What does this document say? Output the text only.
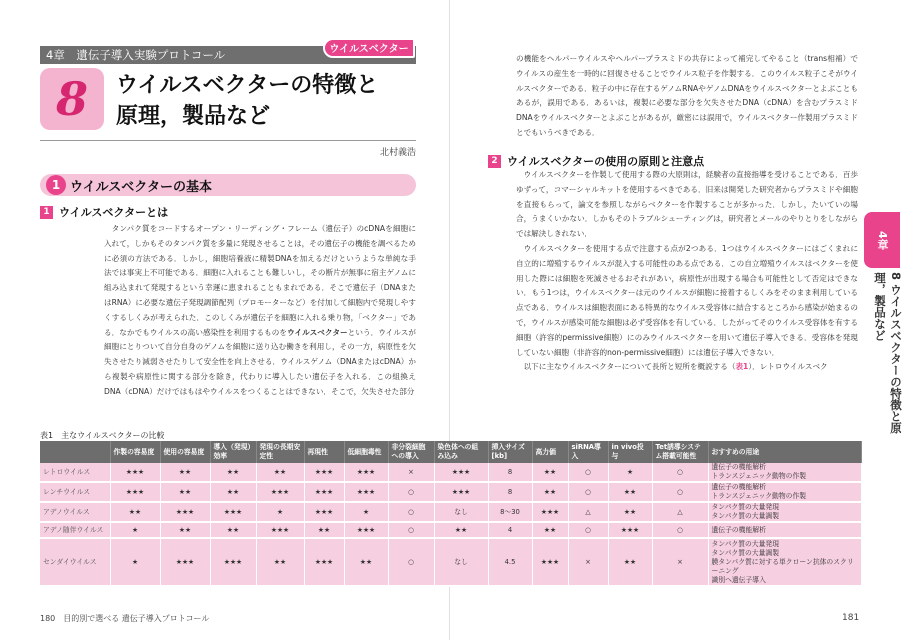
4章　遺伝子導入実験プロトコール	ウイルスベクター
8 ウイルスベクターの特徴と
原理，製品など
北村義浩
1 ウイルスベクターの基本
1 ウイルスベクターとは

タンパク質をコードするオープン・リーディング・フレーム（遺伝子）のcDNAを細胞に入れて，しかもそのタンパク質を多量に発現させることは，その遺伝子の機能を調べるために必須の方法である．しかし，細胞培養液に精製DNAを加えるだけというような単純な手法では事実上不可能である．細胞に入れることも難しいし，その断片が無事に宿主ゲノムに組み込まれて発現するという幸運に恵まれることもまれである．そこで遺伝子（DNAまたはRNA）に必要な遺伝子発現調節配列（プロモーターなど）を付加して細胞内で発現しやすくするしくみが考えられた．このしくみが遺伝子を細胞に入れる乗り物，「ベクター」である．なかでもウイルスの高い感染性を利用するものをウイルスベクターという．ウイルスが細胞にとりついて自分自身のゲノムを細胞に送り込む働きを利用し，その一方，病原性を欠失させたり減弱させたりして安全性を向上させる．ウイルスゲノム（DNAまたはcDNA）から複製や病原性に関する部分を除き，代わりに導入したい遺伝子を入れる．この組換えDNA（cDNA）だけではもはやウイルスをつくることはできない．そこで，欠失させた部分

の機能をヘルパーウイルスやヘルパープラスミドの共存によって補完してやること（trans相補）でウイルスの産生を一時的に回復させることでウイルス粒子を作製する．このウイルス粒子こそがウイルスベクターである．粒子の中に存在するゲノムRNAやゲノムDNAをウイルスベクターとよぶこともあるが，誤用である．あるいは，複製に必要な部分を欠失させたDNA（cDNA）を含むプラスミドDNAをウイルスベクターとよぶことがあるが，厳密には誤用で，ウイルスベクター作製用プラスミドとでもいうべきである．

2 ウイルスベクターの使用の原則と注意点

ウイルスベクターを作製して使用する際の大原則は，経験者の直接指導を受けることである．百歩ゆずって，コマーシャルキットを使用するべきである．旧来は開発した研究者からプラスミドや細胞を直接もらって，論文を参照しながらベクターを作製することが多かった．しかし，たいていの場合，うまくいかない．しかもそのトラブルシューティングは，研究者とメールのやりとりをしながらでは解決しきれない．

ウイルスベクターを使用する点で注意する点が2つある．1つはウイルスベクターにはごくまれに自立的に増殖するウイルスが混入する可能性のある点である．この自立増殖ウイルスはベクターを使用した際には細胞を死滅させるおそれがあい，病原性が出現する場合も可能性として否定はできない．もう1つは，ウイルスベクターは元のウイルスが細胞に接着するしくみをそのまま利用している点である．ウイルスは細胞表面にある特異的なウイルス受容体に結合するところから感染が始まるので，ウイルスが感染可能な細胞は必ず受容体を有している．したがってそのウイルス受容体を有する細胞（許容的permissive細胞）にのみウイルスベクターを用いて遺伝子導入できる．受容体を発現していない細胞（非許容的non-permissive細胞）には遺伝子導入できない．

以下に主なウイルスベクターについて長所と短所を概説する（表1）．レトロウイルスベク

4章
8 ウイルスベクターの特徴と原理，製品など
表1　主なウイルスベクターの比較
	作製の容易度	使用の容易度	導入（発現）効率	発現の長期安定性	再現性	低細胞毒性	非分裂細胞への導入	染色体への組み込み	挿入サイズ[kb]	高力価	siRNA導入	in vivo投与	Tet誘導システム搭載可能性	おすすめの用途
レトロウイルス	★★★	★★	★★	★★	★★★	★★★	×	★★★	8	★★	○	★	○	遺伝子の機能解析
トランスジェニック動物の作製
レンチウイルス	★★★	★★	★★	★★★	★★★	★★★	○	★★★	8	★★	○	★★	○	遺伝子の機能解析
トランスジェニック動物の作製
アデノウイルス	★★	★★★	★★★	★	★★★	★	○	なし	8～30	★★★	△	★★	△	タンパク質の大量発現
タンパク質の大量調製
アデノ随伴ウイルス	★	★★	★★	★★★	★★	★★★	○	★★	4	★★	○	★★★	○	遺伝子の機能解析
センダイウイルス	★	★★★	★★★	★★	★★★	★★	○	なし	4.5	★★★	×	★★	×	タンパク質の大量発現
タンパク質の大量調製
膜タンパク質に対する単クローン抗体のスクリーニング
識別へ遺伝子導入
180　目的別で選べる 遺伝子導入プロトコール	181
